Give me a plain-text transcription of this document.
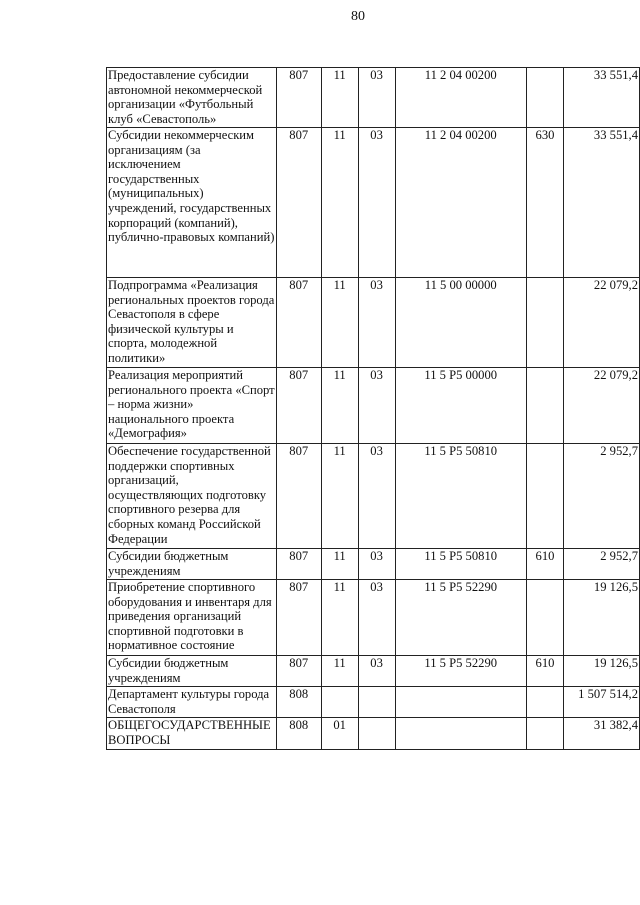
80
Предоставление субсидии автономной некоммерческой организации «Футбольный клуб «Севастополь»	807	11	03	11 2 04 00200		33 551,4
Субсидии некоммерческим организациям (за исключением государственных (муниципальных) учреждений, государственных корпораций (компаний), публично-правовых компаний)	807	11	03	11 2 04 00200	630	33 551,4
Подпрограмма «Реализация региональных проектов города Севастополя в сфере физической культуры и спорта, молодежной политики»	807	11	03	11 5 00 00000		22 079,2
Реализация мероприятий регионального проекта «Спорт – норма жизни» национального проекта «Демография»	807	11	03	11 5 P5 00000		22 079,2
Обеспечение государственной поддержки спортивных организаций, осуществляющих подготовку спортивного резерва для сборных команд Российской Федерации	807	11	03	11 5 P5 50810		2 952,7
Субсидии бюджетным учреждениям	807	11	03	11 5 P5 50810	610	2 952,7
Приобретение спортивного оборудования и инвентаря для приведения организаций спортивной подготовки в нормативное состояние	807	11	03	11 5 P5 52290		19 126,5
Субсидии бюджетным учреждениям	807	11	03	11 5 P5 52290	610	19 126,5
Департамент культуры города Севастополя	808					1 507 514,2
ОБЩЕГОСУДАРСТВЕННЫЕ ВОПРОСЫ	808	01				31 382,4
